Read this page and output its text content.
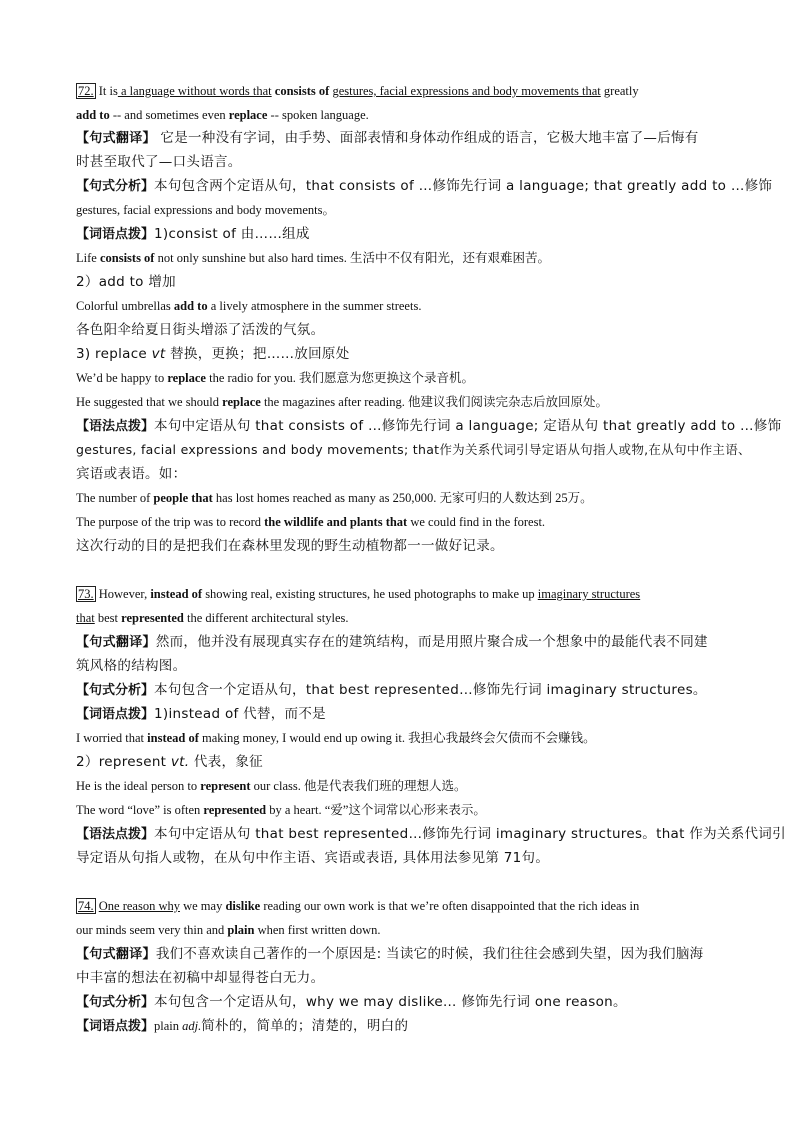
72. It is a language without words that consists of gestures, facial expressions and body movements that greatly
add to -- and sometimes even replace -- spoken language.
【句式翻译】 它是一种没有字词，由手势、面部表情和身体动作组成的语言，它极大地丰富了—后悔有
时甚至取代了—口头语言。
【句式分析】本句包含两个定语从句，that consists of …修饰先行词 a language; that greatly add to …修饰
gestures, facial expressions and body movements。
【词语点拨】1)consist of 由……组成
Life consists of not only sunshine but also hard times. 生活中不仅有阳光，还有艰难困苦。
2）add to 增加
Colorful umbrellas add to a lively atmosphere in the summer streets.
各色阳伞给夏日街头增添了活泼的气氛。
3) replace vt 替换，更换；把……放回原处
We’d be happy to replace the radio for you. 我们愿意为您更换这个录音机。
He suggested that we should replace the magazines after reading. 他建议我们阅读完杂志后放回原处。
【语法点拨】本句中定语从句 that consists of …修饰先行词 a language; 定语从句 that greatly add to …修饰
gestures, facial expressions and body movements; that作为关系代词引导定语从句指人或物,在从句中作主语、
宾语或表语。如：
The number of people that has lost homes reached as many as 250,000. 无家可归的人数达到 25万。
The purpose of the trip was to record the wildlife and plants that we could find in the forest.
这次行动的目的是把我们在森林里发现的野生动植物都一一做好记录。
73. However, instead of showing real, existing structures, he used photographs to make up imaginary structures
that best represented the different architectural styles.
【句式翻译】然而，他并没有展现真实存在的建筑结构，而是用照片聚合成一个想象中的最能代表不同建
筑风格的结构图。
【句式分析】本句包含一个定语从句，that best represented…修饰先行词 imaginary structures。
【词语点拨】1)instead of 代替，而不是
I worried that instead of making money, I would end up owing it. 我担心我最终会欠债而不会赚钱。
2）represent vt. 代表，象征
He is the ideal person to represent our class. 他是代表我们班的理想人选。
The word “love” is often represented by a heart. “爱”这个词常以心形来表示。
【语法点拨】本句中定语从句 that best represented…修饰先行词 imaginary structures。that 作为关系代词引
导定语从句指人或物，在从句中作主语、宾语或表语, 具体用法参见第 71句。
74. One reason why we may dislike reading our own work is that we’re often disappointed that the rich ideas in
our minds seem very thin and plain when first written down.
【句式翻译】我们不喜欢读自己著作的一个原因是: 当读它的时候，我们往往会感到失望，因为我们脑海
中丰富的想法在初稿中却显得苍白无力。
【句式分析】本句包含一个定语从句，why we may dislike… 修饰先行词 one reason。
【词语点拨】plain adj.简朴的，简单的；清楚的，明白的
